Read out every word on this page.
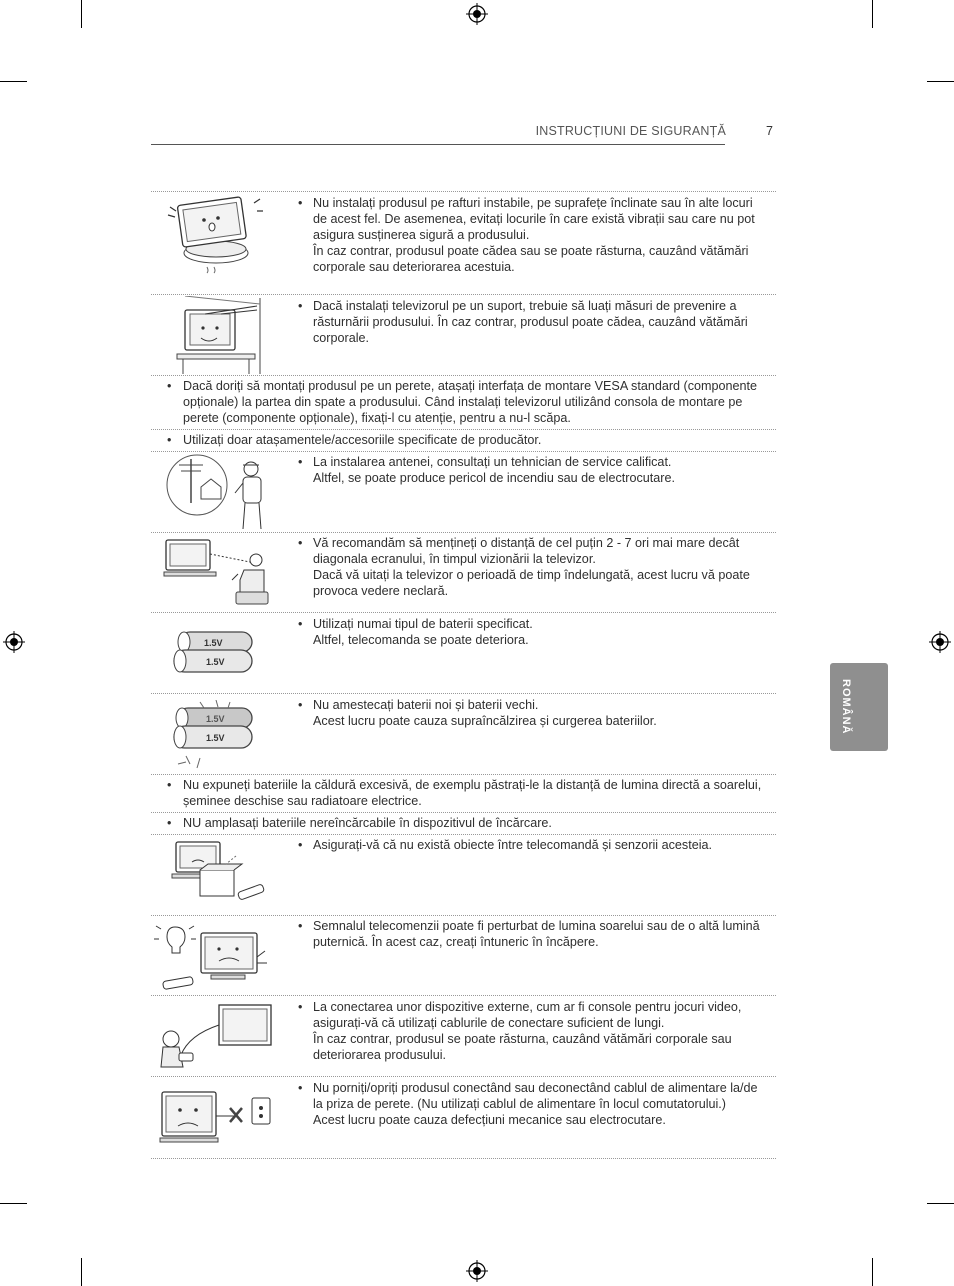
INSTRUCȚIUNI DE SIGURANȚĂ	7
ROMÂNĂ
1.5V
1.5V
1.5V
1.5V
• Nu instalați produsul pe rafturi instabile, pe suprafețe înclinate sau în alte locuri de acest fel. De asemenea, evitați locurile în care există vibrații sau care nu pot asigura susținerea sigură a produsului.

În caz contrar, produsul poate cădea sau se poate răsturna, cauzând vătămări corporale sau deteriorarea acestuia.

• Dacă instalați televizorul pe un suport, trebuie să luați măsuri de prevenire a răsturnării produsului. În caz contrar, produsul poate cădea, cauzând vătămări corporale.

• Dacă doriți să montați produsul pe un perete, atașați interfața de montare VESA standard (componente opționale) la partea din spate a produsului. Când instalați televizorul utilizând consola de montare pe perete (componente opționale), fixați-l cu atenție, pentru a nu-l scăpa.

• Utilizați doar atașamentele/accesoriile specificate de producător.

• La instalarea antenei, consultați un tehnician de service calificat.

Altfel, se poate produce pericol de incendiu sau de electrocutare.

• Vă recomandăm să mențineți o distanță de cel puțin 2 - 7 ori mai mare decât diagonala ecranului, în timpul vizionării la televizor.

Dacă vă uitați la televizor o perioadă de timp îndelungată, acest lucru vă poate provoca vedere neclară.

• Utilizați numai tipul de baterii specificat.

Altfel, telecomanda se poate deteriora.

• Nu amestecați baterii noi și baterii vechi.

Acest lucru poate cauza supraîncălzirea și curgerea bateriilor.

• Nu expuneți bateriile la căldură excesivă, de exemplu păstrați-le la distanță de lumina directă a soarelui, șeminee deschise sau radiatoare electrice.

• NU amplasați bateriile nereîncărcabile în dispozitivul de încărcare.

• Asigurați-vă că nu există obiecte între telecomandă și senzorii acesteia.

• Semnalul telecomenzii poate fi perturbat de lumina soarelui sau de o altă lumină puternică. În acest caz, creați întuneric în încăpere.

• La conectarea unor dispozitive externe, cum ar fi console pentru jocuri video, asigurați-vă că utilizați cablurile de conectare suficient de lungi.

În caz contrar, produsul se poate răsturna, cauzând vătămări corporale sau deteriorarea produsului.

• Nu porniți/opriți produsul conectând sau deconectând cablul de alimentare la/de la priza de perete. (Nu utilizați cablul de alimentare în locul comutatorului.)

Acest lucru poate cauza defecțiuni mecanice sau electrocutare.
